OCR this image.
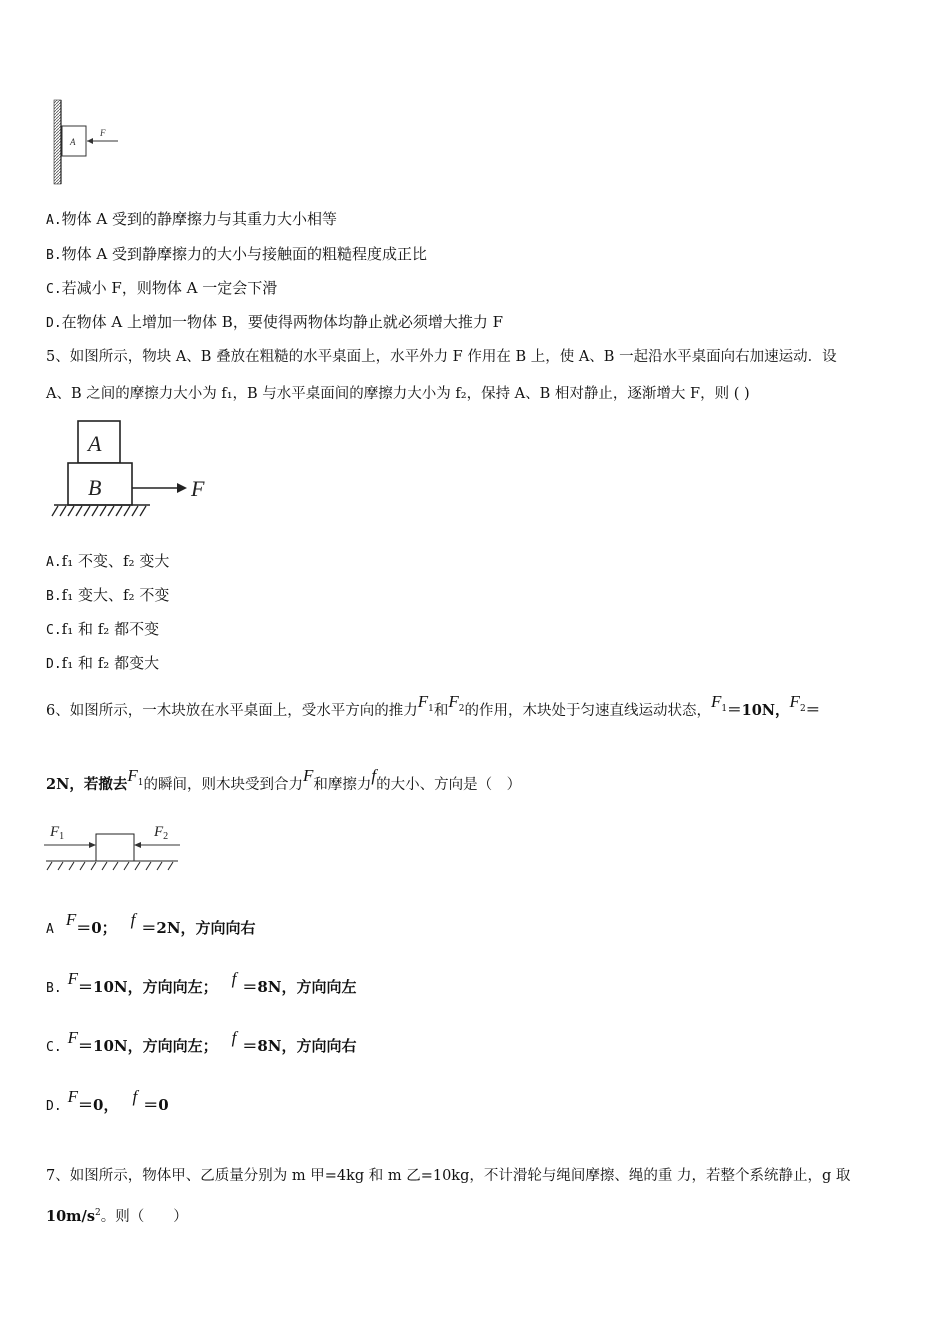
A
F
A.物体 A 受到的静摩擦力与其重力大小相等
B.物体 A 受到静摩擦力的大小与接触面的粗糙程度成正比
C.若减小 F，则物体 A 一定会下滑
D.在物体 A 上增加一物体 B，要使得两物体均静止就必须增大推力 F
5、如图所示，物块 A、B 叠放在粗糙的水平桌面上，水平外力 F 作用在 B 上，使 A、B 一起沿水平桌面向右加速运动．设
A、B 之间的摩擦力大小为 f₁，B 与水平桌面间的摩擦力大小为 f₂，保持 A、B 相对静止，逐渐增大 F，则 ( )
A
B	F
A.f₁ 不变、f₂ 变大
B.f₁ 变大、f₂ 不变
C.f₁ 和 f₂ 都不变
D.f₁ 和 f₂ 都变大
6、如图所示，一木块放在水平桌面上，受水平方向的推力$F^1$和$F^2$的作用，木块处于匀速直线运动状态，$F^1=10N$，$F^2=$
2N，若撤去$F^1$的瞬间，则木块受到合力F和摩擦力f的大小、方向是（　）
$F_1$	$F_2$
AF＝0； f ＝2N，方向向右
B.F＝10N，方向向左； f ＝8N，方向向左
C.F＝10N，方向向左； f ＝8N，方向向右
D.F＝0， f ＝0
7、如图所示，物体甲、乙质量分别为 m 甲=4kg 和 m 乙=10kg，不计滑轮与绳间摩擦、绳的重 力，若整个系统静止，g 取
$10m/s^2$。则（　　）
